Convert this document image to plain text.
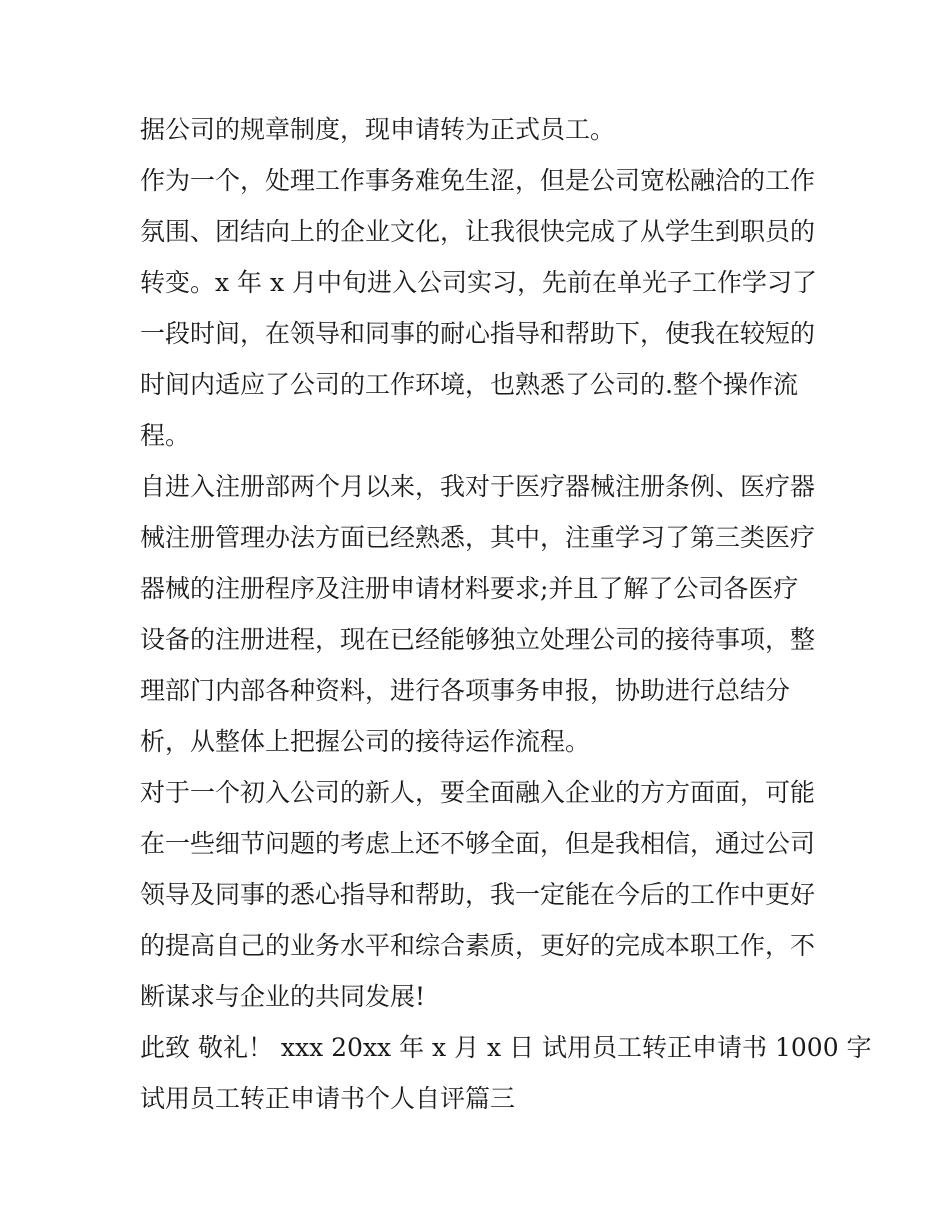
据公司的规章制度，现申请转为正式员工。
作为一个，处理工作事务难免生涩，但是公司宽松融洽的工作
氛围、团结向上的企业文化，让我很快完成了从学生到职员的
转变。x 年 x 月中旬进入公司实习，先前在单光子工作学习了
一段时间，在领导和同事的耐心指导和帮助下，使我在较短的
时间内适应了公司的工作环境，也熟悉了公司的.整个操作流
程。
自进入注册部两个月以来，我对于医疗器械注册条例、医疗器
械注册管理办法方面已经熟悉，其中，注重学习了第三类医疗
器械的注册程序及注册申请材料要求;并且了解了公司各医疗
设备的注册进程，现在已经能够独立处理公司的接待事项，整
理部门内部各种资料，进行各项事务申报，协助进行总结分
析，从整体上把握公司的接待运作流程。
对于一个初入公司的新人，要全面融入企业的方方面面，可能
在一些细节问题的考虑上还不够全面，但是我相信，通过公司
领导及同事的悉心指导和帮助，我一定能在今后的工作中更好
的提高自己的业务水平和综合素质，更好的完成本职工作，不
断谋求与企业的共同发展!
此致 敬礼！ xxx 20xx 年 x 月 x 日 试用员工转正申请书 1000 字
试用员工转正申请书个人自评篇三
